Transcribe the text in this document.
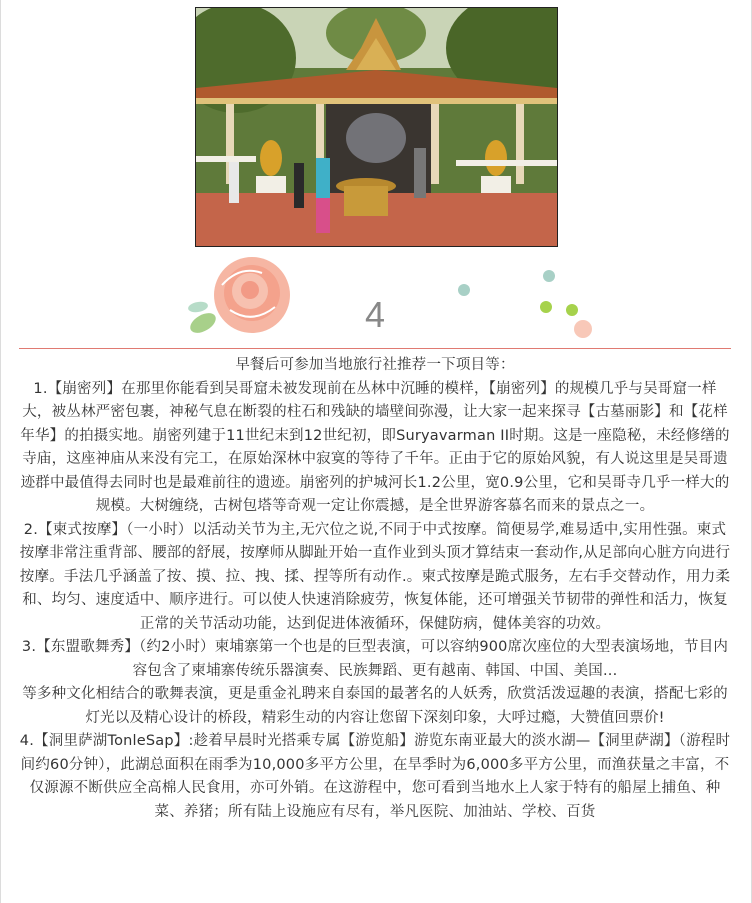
4

早餐后可参加当地旅行社推荐一下项目等：

1.【崩密列】在那里你能看到吴哥窟未被发现前在丛林中沉睡的模样，【崩密列】的规模几乎与吴哥窟一样大，被丛林严密包裹，神秘气息在断裂的柱石和残缺的墙壁间弥漫，让大家一起来探寻【古墓丽影】和【花样年华】的拍摄实地。崩密列建于11世纪末到12世纪初，即Suryavarman II时期。这是一座隐秘，未经修缮的寺庙，这座神庙从来没有完工，在原始深林中寂寞的等待了千年。正由于它的原始风貌，有人说这里是吴哥遗迹群中最值得去同时也是最难前往的遗迹。崩密列的护城河长1.2公里，宽0.9公里，它和吴哥寺几乎一样大的规模。大树缠绕，古树包塔等奇观一定让你震撼，是全世界游客慕名而来的景点之一。

2.【柬式按摩】（一小时）以活动关节为主,无穴位之说,不同于中式按摩。简便易学,难易适中,实用性强。柬式按摩非常注重背部、腰部的舒展，按摩师从脚趾开始一直作业到头顶才算结束一套动作,从足部向心脏方向进行按摩。手法几乎涵盖了按、摸、拉、拽、揉、捏等所有动作.。柬式按摩是跪式服务，左右手交替动作，用力柔和、均匀、速度适中、顺序进行。可以使人快速消除疲劳，恢复体能，还可增强关节韧带的弹性和活力，恢复正常的关节活动功能，达到促进体液循环，保健防病，健体美容的功效。

3.【东盟歌舞秀】（约2小时）柬埔寨第一个也是的巨型表演，可以容纳900席次座位的大型表演场地，节目内容包含了柬埔寨传统乐器演奏、民族舞蹈、更有越南、韩国、中国、美国...

等多种文化相结合的歌舞表演，更是重金礼聘来自泰国的最著名的人妖秀，欣赏活泼逗趣的表演，搭配七彩的灯光以及精心设计的桥段，精彩生动的内容让您留下深刻印象，大呼过瘾，大赞值回票价!

4.【洞里萨湖TonleSap】:趁着早晨时光搭乘专属【游览船】游览东南亚最大的淡水湖—【洞里萨湖】（游程时间约60分钟），此湖总面积在雨季为10,000多平方公里，在旱季时为6,000多平方公里，而渔获量之丰富，不仅源源不断供应全高棉人民食用，亦可外销。在这游程中，您可看到当地水上人家于特有的船屋上捕鱼、种菜、养猪；所有陆上设施应有尽有，举凡医院、加油站、学校、百货
